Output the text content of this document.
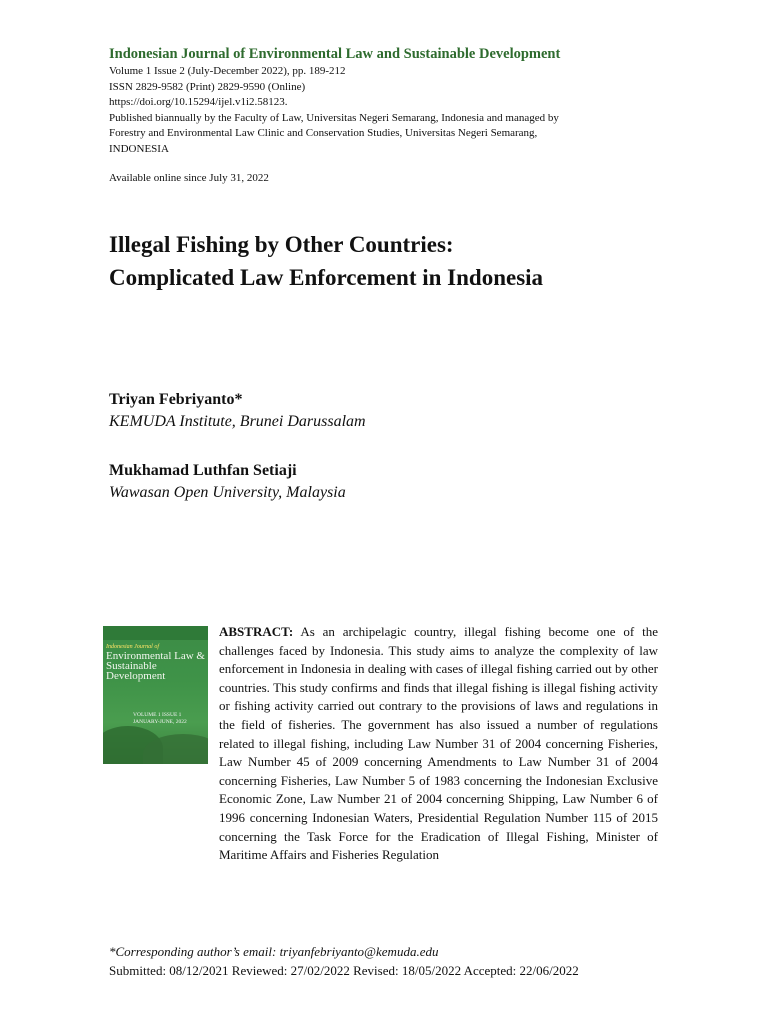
Indonesian Journal of Environmental Law and Sustainable Development
Volume 1 Issue 2 (July-December 2022), pp. 189-212
ISSN 2829-9582 (Print) 2829-9590 (Online)
https://doi.org/10.15294/ijel.v1i2.58123.
Published biannually by the Faculty of Law, Universitas Negeri Semarang, Indonesia and managed by
Forestry and Environmental Law Clinic and Conservation Studies, Universitas Negeri Semarang,
INDONESIA
Available online since July 31, 2022
Illegal Fishing by Other Countries:
Complicated Law Enforcement in Indonesia
Triyan Febriyanto*
KEMUDA Institute, Brunei Darussalam
Mukhamad Luthfan Setiaji
Wawasan Open University, Malaysia
Indonesian Journal of
Environmental Law & Sustainable Development
VOLUME 1 ISSUE 1
JANUARY-JUNE, 2022
ABSTRACT: As an archipelagic country, illegal fishing become one of the challenges faced by Indonesia. This study aims to analyze the complexity of law enforcement in Indonesia in dealing with cases of illegal fishing carried out by other countries. This study confirms and finds that illegal fishing is illegal fishing activity or fishing activity carried out contrary to the provisions of laws and regulations in the field of fisheries. The government has also issued a number of regulations related to illegal fishing, including Law Number 31 of 2004 concerning Fisheries, Law Number 45 of 2009 concerning Amendments to Law Number 31 of 2004 concerning Fisheries, Law Number 5 of 1983 concerning the Indonesian Exclusive Economic Zone, Law Number 21 of 2004 concerning Shipping, Law Number 6 of 1996 concerning Indonesian Waters, Presidential Regulation Number 115 of 2015 concerning the Task Force for the Eradication of Illegal Fishing, Minister of Maritime Affairs and Fisheries Regulation
*Corresponding author’s email: triyanfebriyanto@kemuda.edu
Submitted: 08/12/2021 Reviewed: 27/02/2022 Revised: 18/05/2022 Accepted: 22/06/2022
